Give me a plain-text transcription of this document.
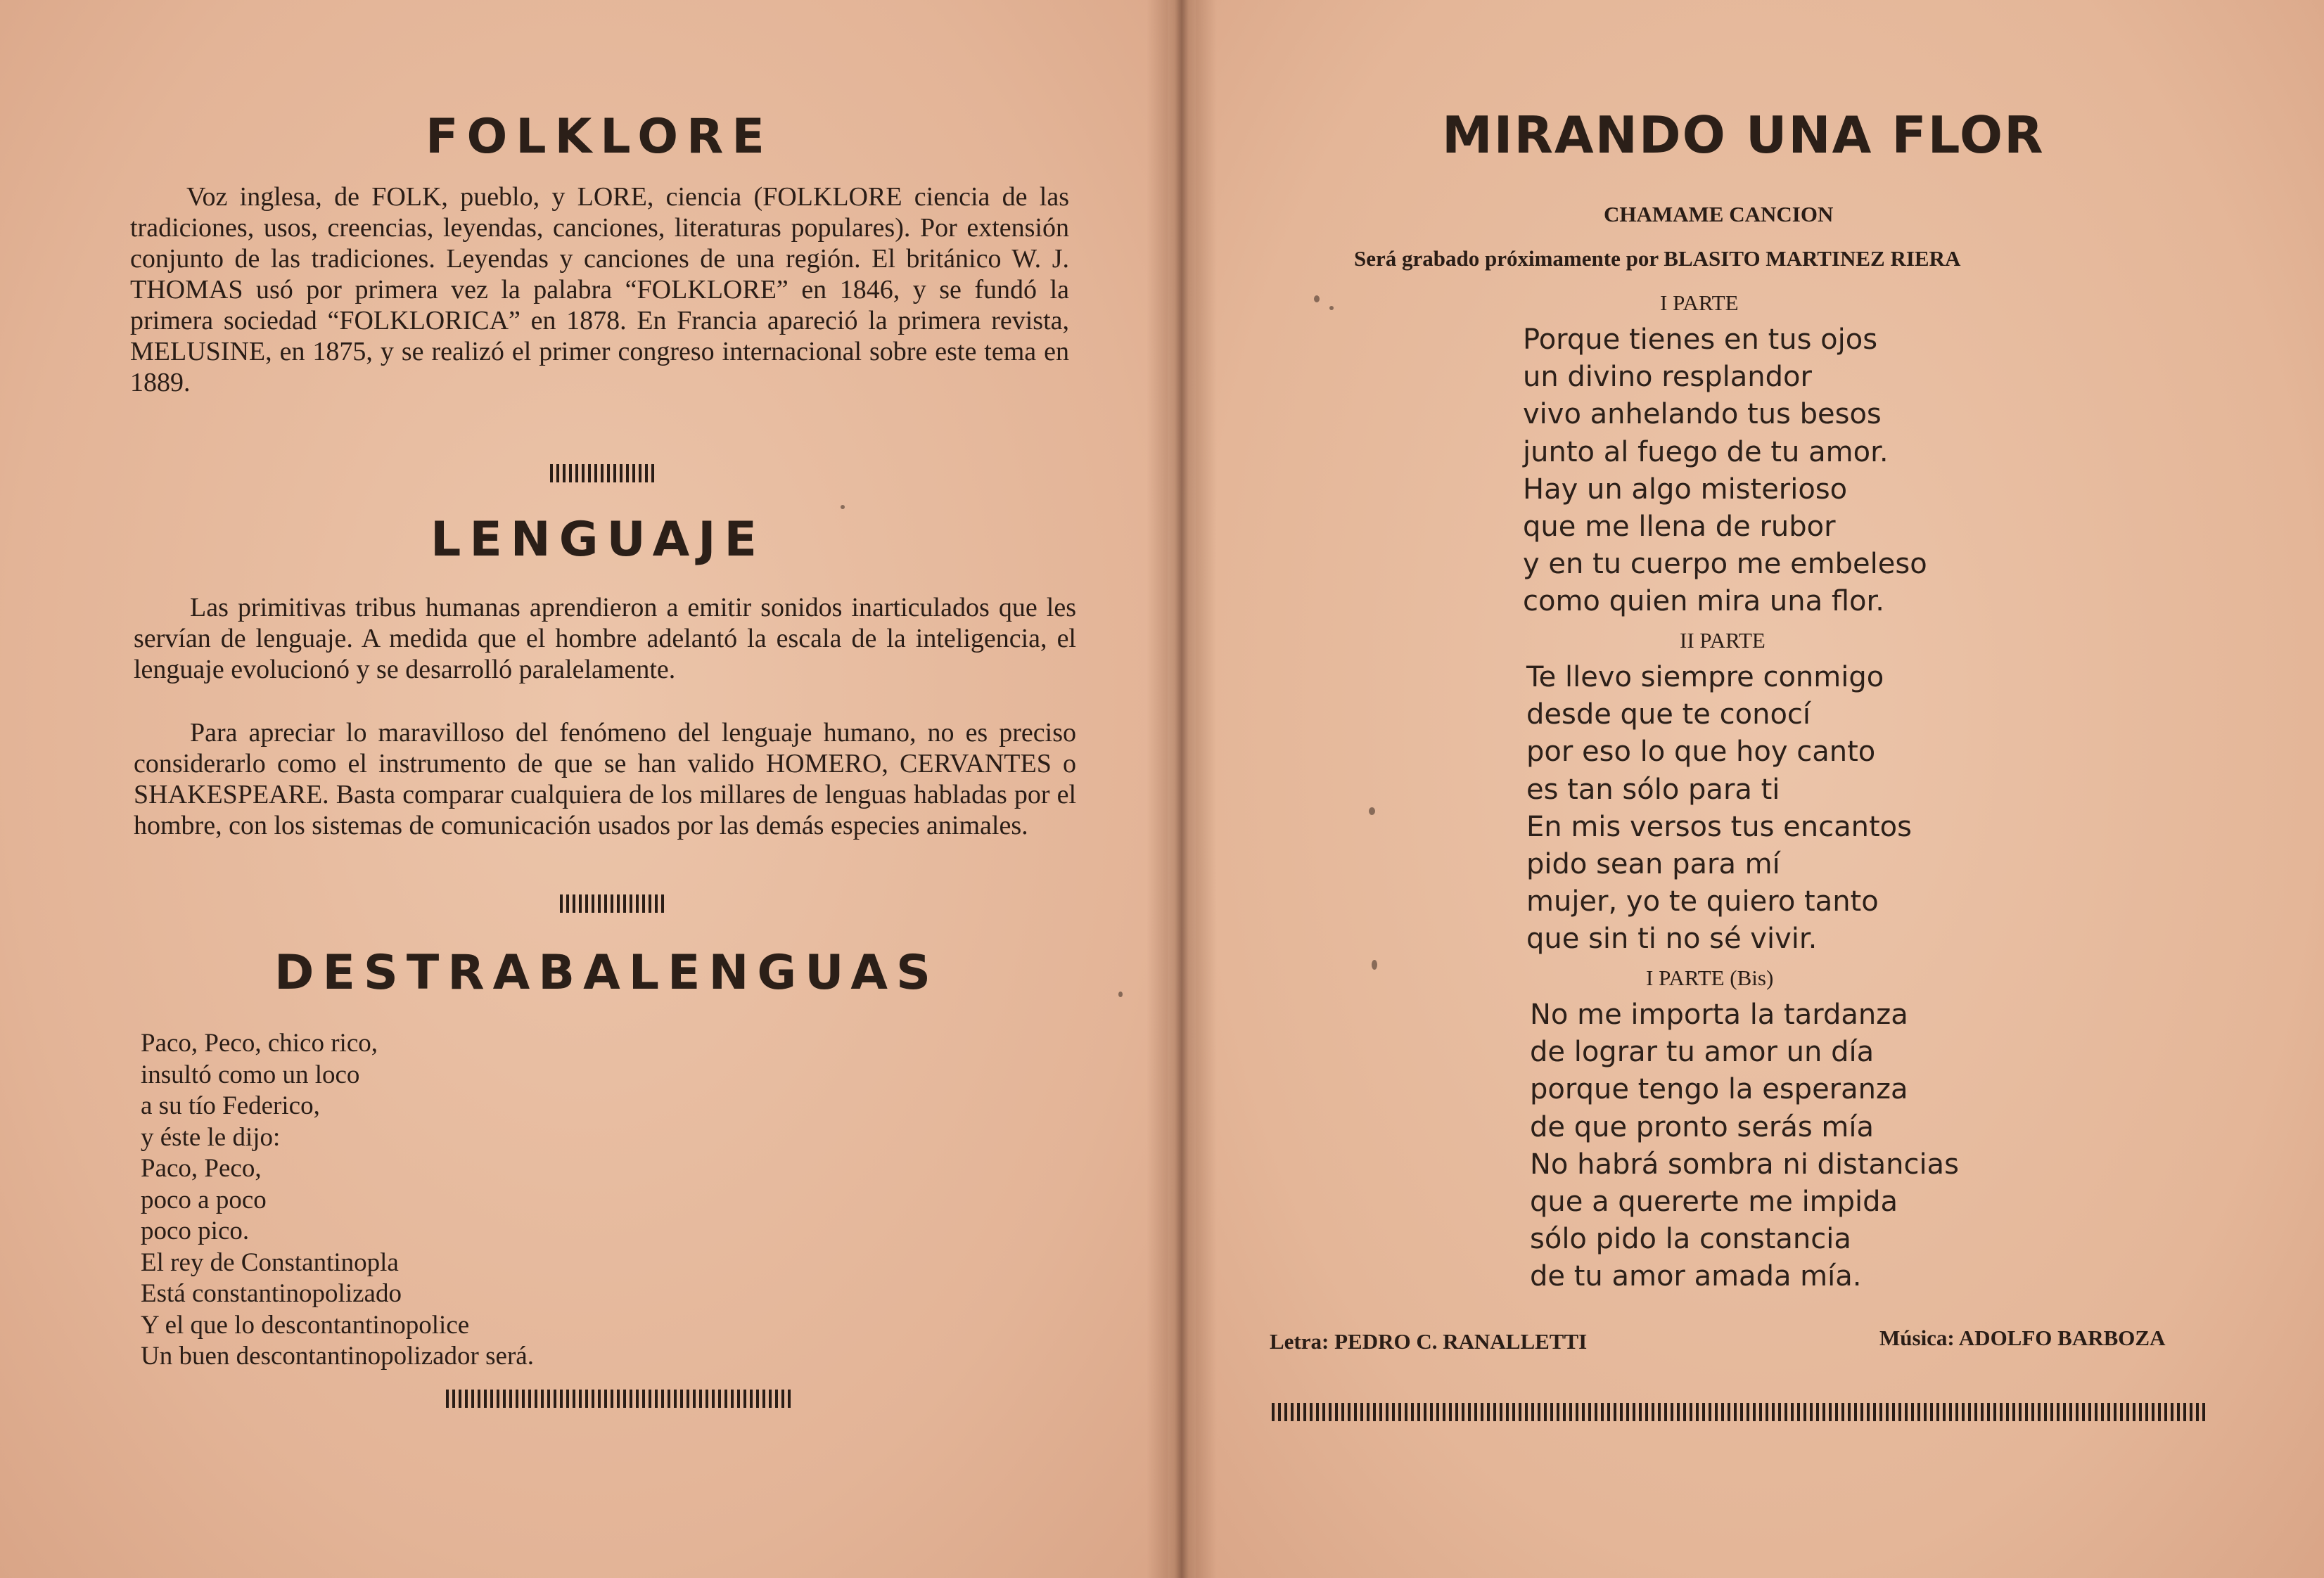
FOLKLORE

Voz inglesa, de FOLK, pueblo, y LORE, ciencia (FOLKLORE ciencia de las tradiciones, usos, creencias, leyendas, canciones, literaturas populares). Por extensión conjunto de las tradiciones. Leyendas y canciones de una región. El británico W. J. THOMAS usó por primera vez la palabra “FOLKLORE” en 1846, y se fundó la primera sociedad “FOLKLORICA” en 1878. En Francia apareció la primera revista, MELUSINE, en 1875, y se realizó el primer congreso internacional sobre este tema en 1889.

LENGUAJE

Las primitivas tribus humanas aprendieron a emitir sonidos inarticulados que les servían de lenguaje. A medida que el hombre adelantó la escala de la inteligencia, el lenguaje evolucionó y se desarrolló paralelamente.

Para apreciar lo maravilloso del fenómeno del lenguaje humano, no es preciso considerarlo como el instrumento de que se han valido HOMERO, CERVANTES o SHAKESPEARE. Basta comparar cualquiera de los millares de lenguas habladas por el hombre, con los sistemas de comunicación usados por las demás especies animales.

DESTRABALENGUAS
Paco, Peco, chico rico,
insultó como un loco
a su tío Federico,
y éste le dijo:
Paco, Peco,
poco a poco
poco pico.
El rey de Constantinopla
Está constantinopolizado
Y el que lo descontantinopolice
Un buen descontantinopolizador será.
MIRANDO UNA FLOR
CHAMAME CANCION
Será grabado próximamente por BLASITO MARTINEZ RIERA
I PARTE
Porque tienes en tus ojos
un divino resplandor
vivo anhelando tus besos
junto al fuego de tu amor.
Hay un algo misterioso
que me llena de rubor
y en tu cuerpo me embeleso
como quien mira una flor.
II PARTE
Te llevo siempre conmigo
desde que te conocí
por eso lo que hoy canto
es tan sólo para ti
En mis versos tus encantos
pido sean para mí
mujer, yo te quiero tanto
que sin ti no sé vivir.
I PARTE (Bis)
No me importa la tardanza
de lograr tu amor un día
porque tengo la esperanza
de que pronto serás mía
No habrá sombra ni distancias
que a quererte me impida
sólo pido la constancia
de tu amor amada mía.
Letra: PEDRO C. RANALLETTI	Música: ADOLFO BARBOZA
